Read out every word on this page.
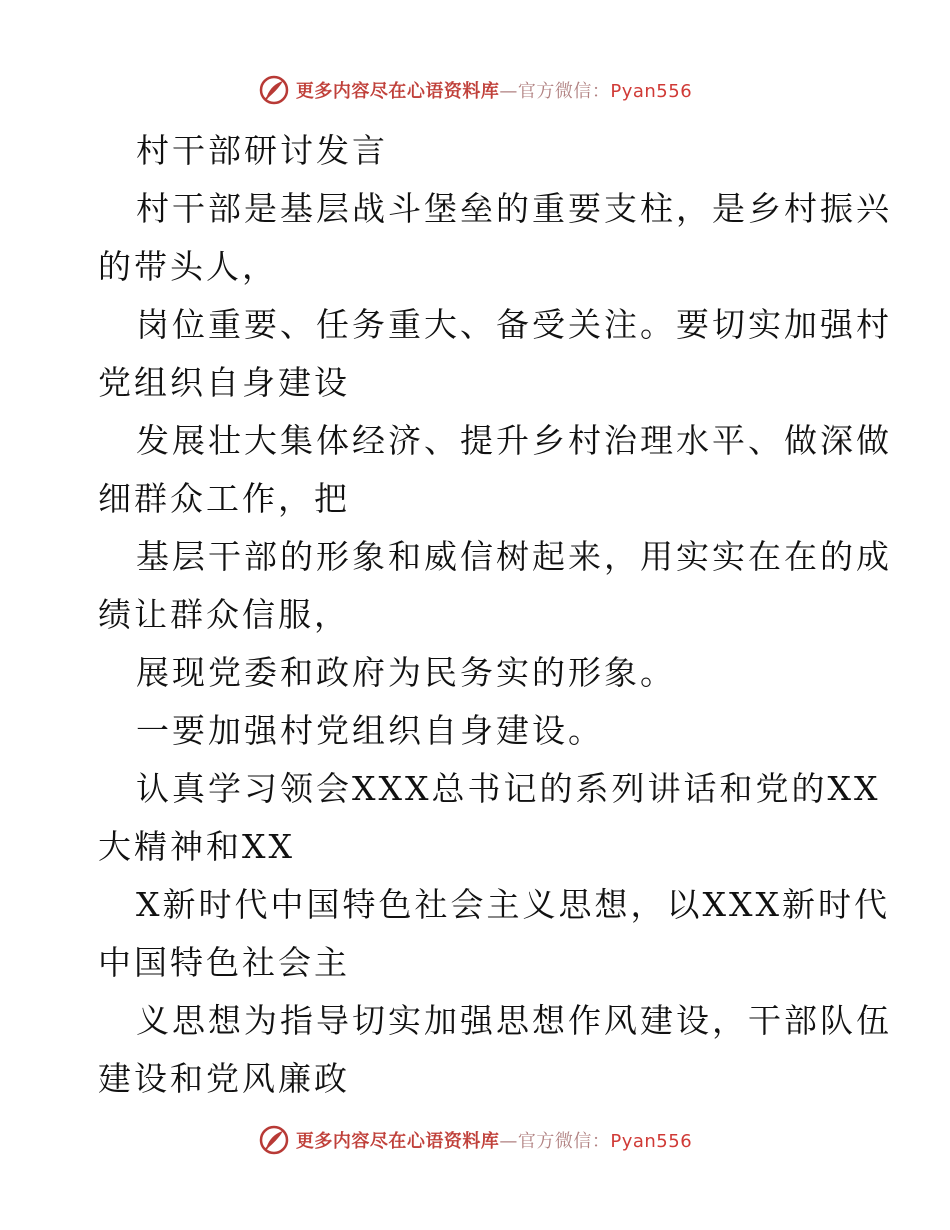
更多内容尽在心语资料库—官方微信：Pyan556
村干部研讨发言
村干部是基层战斗堡垒的重要支柱，是乡村振兴
的带头人，
岗位重要、任务重大、备受关注。要切实加强村
党组织自身建设
发展壮大集体经济、提升乡村治理水平、做深做
细群众工作，把
基层干部的形象和威信树起来，用实实在在的成
绩让群众信服，
展现党委和政府为民务实的形象。
一要加强村党组织自身建设。
认真学习领会XXX总书记的系列讲话和党的XX
大精神和XX
X新时代中国特色社会主义思想，以XXX新时代
中国特色社会主
义思想为指导切实加强思想作风建设，干部队伍
建设和党风廉政
更多内容尽在心语资料库—官方微信：Pyan556
